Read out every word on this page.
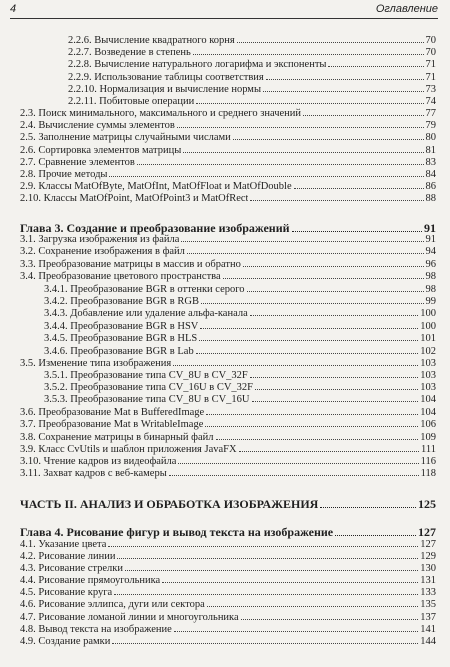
4	Оглавление
2.2.6. Вычисление квадратного корня	70
2.2.7. Возведение в степень	70
2.2.8. Вычисление натурального логарифма и экспоненты	71
2.2.9. Использование таблицы соответствия	71
2.2.10. Нормализация и вычисление нормы	73
2.2.11. Побитовые операции	74
2.3. Поиск минимального, максимального и среднего значений	77
2.4. Вычисление суммы элементов	79
2.5. Заполнение матрицы случайными числами	80
2.6. Сортировка элементов матрицы	81
2.7. Сравнение элементов	83
2.8. Прочие методы	84
2.9. Классы MatOfByte, MatOfInt, MatOfFloat и MatOfDouble	86
2.10. Классы MatOfPoint, MatOfPoint3 и MatOfRect	88
Глава 3. Создание и преобразование изображений	91
3.1. Загрузка изображения из файла	91
3.2. Сохранение изображения в файл	94
3.3. Преобразование матрицы в массив и обратно	96
3.4. Преобразование цветового пространства	98
3.4.1. Преобразование BGR в оттенки серого	98
3.4.2. Преобразование BGR в RGB	99
3.4.3. Добавление или удаление альфа-канала	100
3.4.4. Преобразование BGR в HSV	100
3.4.5. Преобразование BGR в HLS	101
3.4.6. Преобразование BGR в Lab	102
3.5. Изменение типа изображения	103
3.5.1. Преобразование типа CV_8U в CV_32F	103
3.5.2. Преобразование типа CV_16U в CV_32F	103
3.5.3. Преобразование типа CV_8U в CV_16U	104
3.6. Преобразование Mat в BufferedImage	104
3.7. Преобразование Mat в WritableImage	106
3.8. Сохранение матрицы в бинарный файл	109
3.9. Класс CvUtils и шаблон приложения JavaFX	111
3.10. Чтение кадров из видеофайла	116
3.11. Захват кадров с веб-камеры	118
ЧАСТЬ II. АНАЛИЗ И ОБРАБОТКА ИЗОБРАЖЕНИЯ	125
Глава 4. Рисование фигур и вывод текста на изображение	127
4.1. Указание цвета	127
4.2. Рисование линии	129
4.3. Рисование стрелки	130
4.4. Рисование прямоугольника	131
4.5. Рисование круга	133
4.6. Рисование эллипса, дуги или сектора	135
4.7. Рисование ломаной линии и многоугольника	137
4.8. Вывод текста на изображение	141
4.9. Создание рамки	144
